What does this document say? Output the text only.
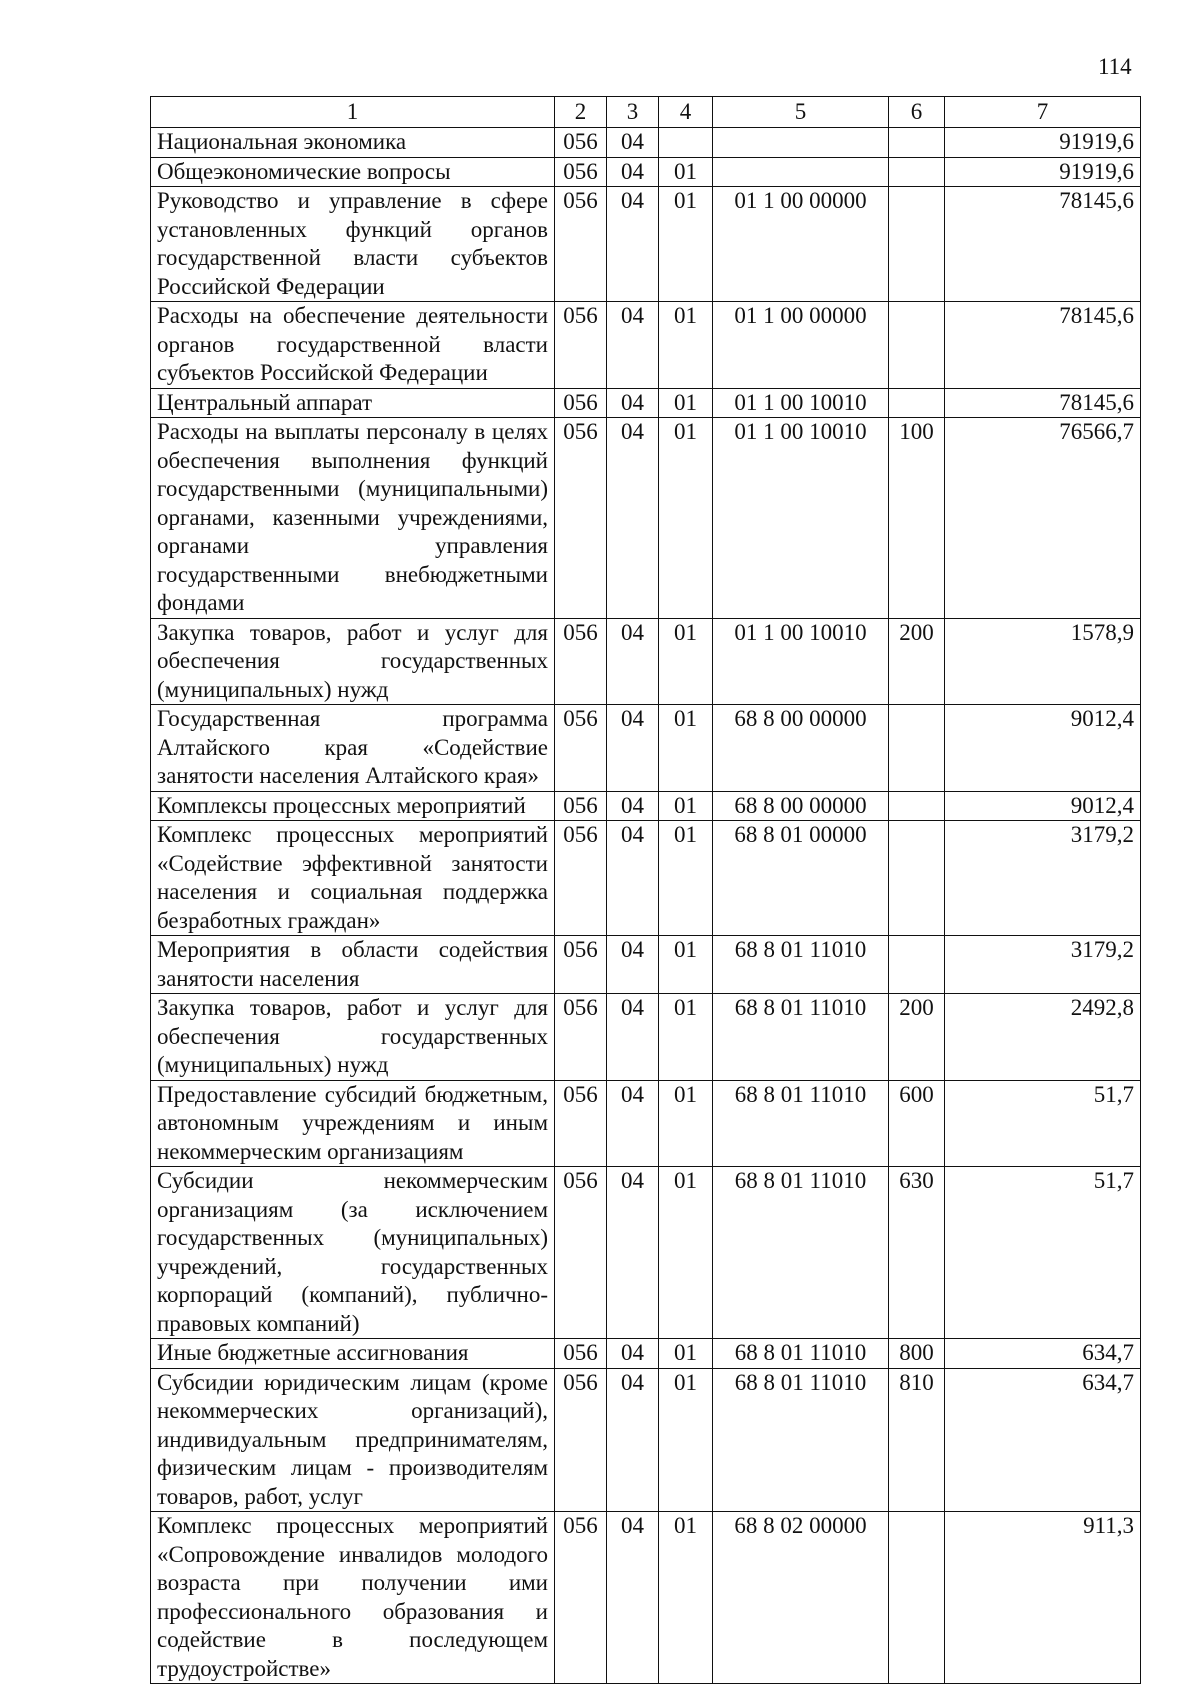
114
1	2	3	4	5	6	7
Национальная экономика	056	04				91919,6
Общеэкономические вопросы	056	04	01			91919,6
Руководство и управление в сфере установленных функций органов государственной власти субъектов Российской Федерации	056	04	01	01 1 00 00000		78145,6
Расходы на обеспечение деятельности органов государственной власти субъектов Российской Федерации	056	04	01	01 1 00 00000		78145,6
Центральный аппарат	056	04	01	01 1 00 10010		78145,6
Расходы на выплаты персоналу в целях обеспечения выполнения функций государственными (муниципальными) органами, казенными учреждениями, органами управления государственными внебюджетными фондами	056	04	01	01 1 00 10010	100	76566,7
Закупка товаров, работ и услуг для обеспечения государственных (муниципальных) нужд	056	04	01	01 1 00 10010	200	1578,9
Государственная программа Алтайского края «Содействие занятости населения Алтайского края»	056	04	01	68 8 00 00000		9012,4
Комплексы процессных мероприятий	056	04	01	68 8 00 00000		9012,4
Комплекс процессных мероприятий «Содействие эффективной занятости населения и социальная поддержка безработных граждан»	056	04	01	68 8 01 00000		3179,2
Мероприятия в области содействия занятости населения	056	04	01	68 8 01 11010		3179,2
Закупка товаров, работ и услуг для обеспечения государственных (муниципальных) нужд	056	04	01	68 8 01 11010	200	2492,8
Предоставление субсидий бюджетным, автономным учреждениям и иным некоммерческим организациям	056	04	01	68 8 01 11010	600	51,7
Субсидии некоммерческим организациям (за исключением государственных (муниципальных) учреждений, государственных корпораций (компаний), публично-правовых компаний)	056	04	01	68 8 01 11010	630	51,7
Иные бюджетные ассигнования	056	04	01	68 8 01 11010	800	634,7
Субсидии юридическим лицам (кроме некоммерческих организаций), индивидуальным предпринимателям, физическим лицам - производителям товаров, работ, услуг	056	04	01	68 8 01 11010	810	634,7
Комплекс процессных мероприятий «Сопровождение инвалидов молодого возраста при получении ими профессионального образования и содействие в последующем трудоустройстве»	056	04	01	68 8 02 00000		911,3
